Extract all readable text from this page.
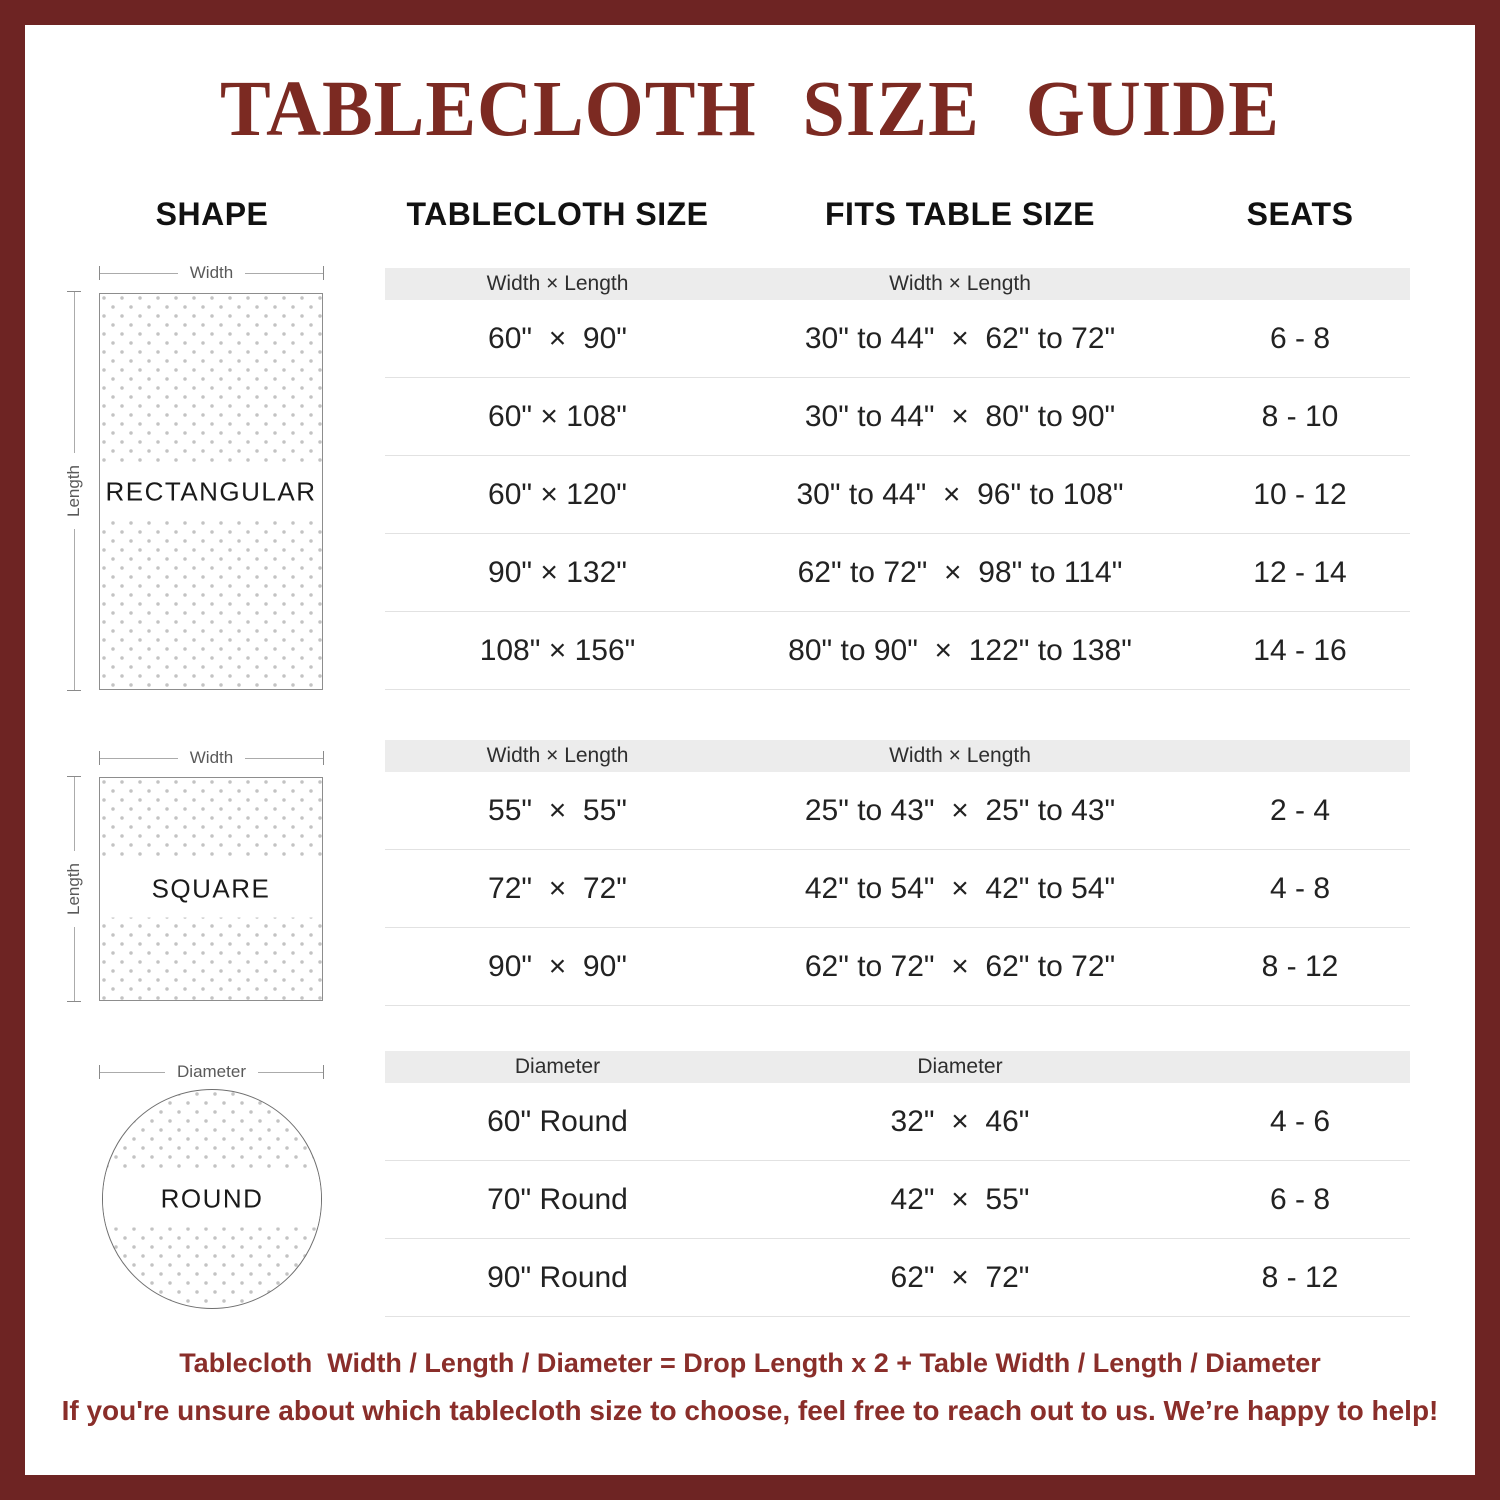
TABLECLOTH SIZE GUIDE
SHAPE	TABLECLOTH SIZE	FITS TABLE SIZE	SEATS
Width
Length RECTANGULAR
Width
Length	SQUARE
Diameter
ROUND
Width × Length	Width × Length
60"  ×  90"	30" to 44"  ×  62" to 72"	6 - 8
60" × 108"	30" to 44"  ×  80" to 90"	8 - 10
60" × 120"	30" to 44"  ×  96" to 108"	10 - 12
90" × 132"	62" to 72"  ×  98" to 114"	12 - 14
108" × 156"	80" to 90"  ×  122" to 138"	14 - 16
Width × Length	Width × Length
55"  ×  55"	25" to 43"  ×  25" to 43"	2 - 4
72"  ×  72"	42" to 54"  ×  42" to 54"	4 - 8
90"  ×  90"	62" to 72"  ×  62" to 72"	8 - 12
Diameter	Diameter
60" Round	32"  ×  46"	4 - 6
70" Round	42"  ×  55"	6 - 8
90" Round	62"  ×  72"	8 - 12
Tablecloth  Width / Length / Diameter = Drop Length x 2 + Table Width / Length / Diameter
If you're unsure about which tablecloth size to choose, feel free to reach out to us. We’re happy to help!
